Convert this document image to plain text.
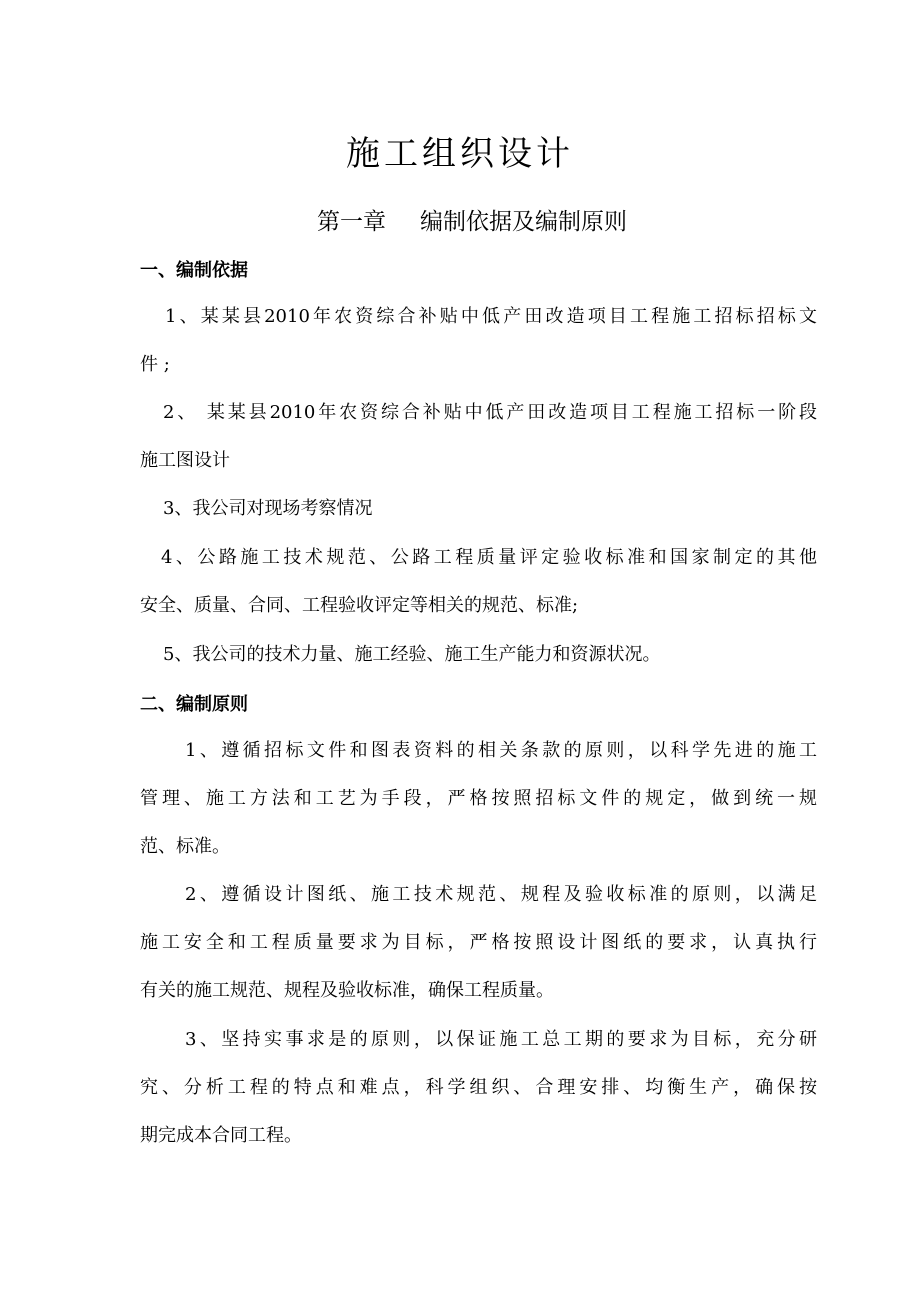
施工组织设计
第一章 编制依据及编制原则
一、编制依据
1、某某县2010年农资综合补贴中低产田改造项目工程施工招标招标文
件 ;
2、 某某县2010年农资综合补贴中低产田改造项目工程施工招标一阶段
施工图设计
3、我公司对现场考察情况
4、公路施工技术规范、公路工程质量评定验收标准和国家制定的其他
安全、质量、合同、工程验收评定等相关的规范、标准;
5、我公司的技术力量、施工经验、施工生产能力和资源状况。
二、编制原则
1、遵循招标文件和图表资料的相关条款的原则，以科学先进的施工
管理、施工方法和工艺为手段，严格按照招标文件的规定，做到统一规
范、标准。
2、遵循设计图纸、施工技术规范、规程及验收标准的原则，以满足
施工安全和工程质量要求为目标，严格按照设计图纸的要求，认真执行
有关的施工规范、规程及验收标准，确保工程质量。
3、坚持实事求是的原则，以保证施工总工期的要求为目标，充分研
究、分析工程的特点和难点，科学组织、合理安排、均衡生产，确保按
期完成本合同工程。
